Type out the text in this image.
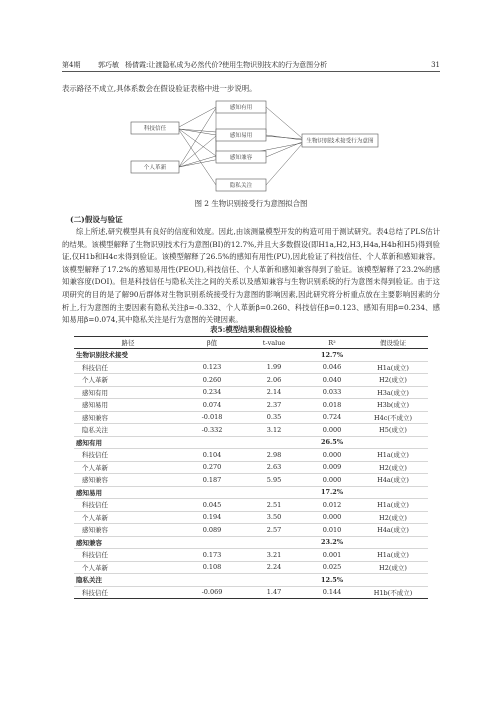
第4期	郭巧敏 杨倩霞:让渡隐私成为必然代价?使用生物识别技术的行为意图分析	31
表示路径不成立,具体系数会在假设验证表格中进一步说明。
科技信任
个人革新
感知有用
感知易用
感知兼容
隐私关注
生物识别技术接受行为意图
图 2 生物识别接受行为意图拟合图
(二)假设与验证
综上所述,研究模型具有良好的信度和效度。因此,由该测量模型开发的构造可用于测试研究。表4总结了PLS估计的结果。该模型解释了生物识别技术行为意图(BI)的12.7%,并且大多数假设(即H1a,H2,H3,H4a,H4b和H5)得到验证,仅H1b和H4c未得到验证。该模型解释了26.5%的感知有用性(PU),因此验证了科技信任、个人革新和感知兼容。该模型解释了17.2%的感知易用性(PEOU),科技信任、个人革新和感知兼容得到了验证。该模型解释了23.2%的感知兼容度(DOI)。但是科技信任与隐私关注之间的关系以及感知兼容与生物识别系统的行为意图未得到验证。由于这项研究的目的是了解90后群体对生物识别系统接受行为意图的影响因素,因此研究将分析重点放在主要影响因素的分析上,行为意图的主要因素有隐私关注β=-0.332、个人革新β=0.260、科技信任β=0.123、感知有用β=0.234、感知易用β=0.074,其中隐私关注是行为意图的关键因素。
表5:模型结果和假设检验
路径	β值	t-value	R²	假设验证
生物识别技术接受			12.7%	
科技信任	0.123	1.99	0.046	H1a(成立)
个人革新	0.260	2.06	0.040	H2(成立)
感知有用	0.234	2.14	0.033	H3a(成立)
感知易用	0.074	2.37	0.018	H3b(成立)
感知兼容	-0.018	0.35	0.724	H4c(不成立)
隐私关注	-0.332	3.12	0.000	H5(成立)
感知有用			26.5%	
科技信任	0.104	2.98	0.000	H1a(成立)
个人革新	0.270	2.63	0.009	H2(成立)
感知兼容	0.187	5.95	0.000	H4a(成立)
感知易用			17.2%	
科技信任	0.045	2.51	0.012	H1a(成立)
个人革新	0.194	3.50	0.000	H2(成立)
感知兼容	0.089	2.57	0.010	H4a(成立)
感知兼容			23.2%	
科技信任	0.173	3.21	0.001	H1a(成立)
个人革新	0.108	2.24	0.025	H2(成立)
隐私关注			12.5%	
科技信任	-0.069	1.47	0.144	H1b(不成立)
